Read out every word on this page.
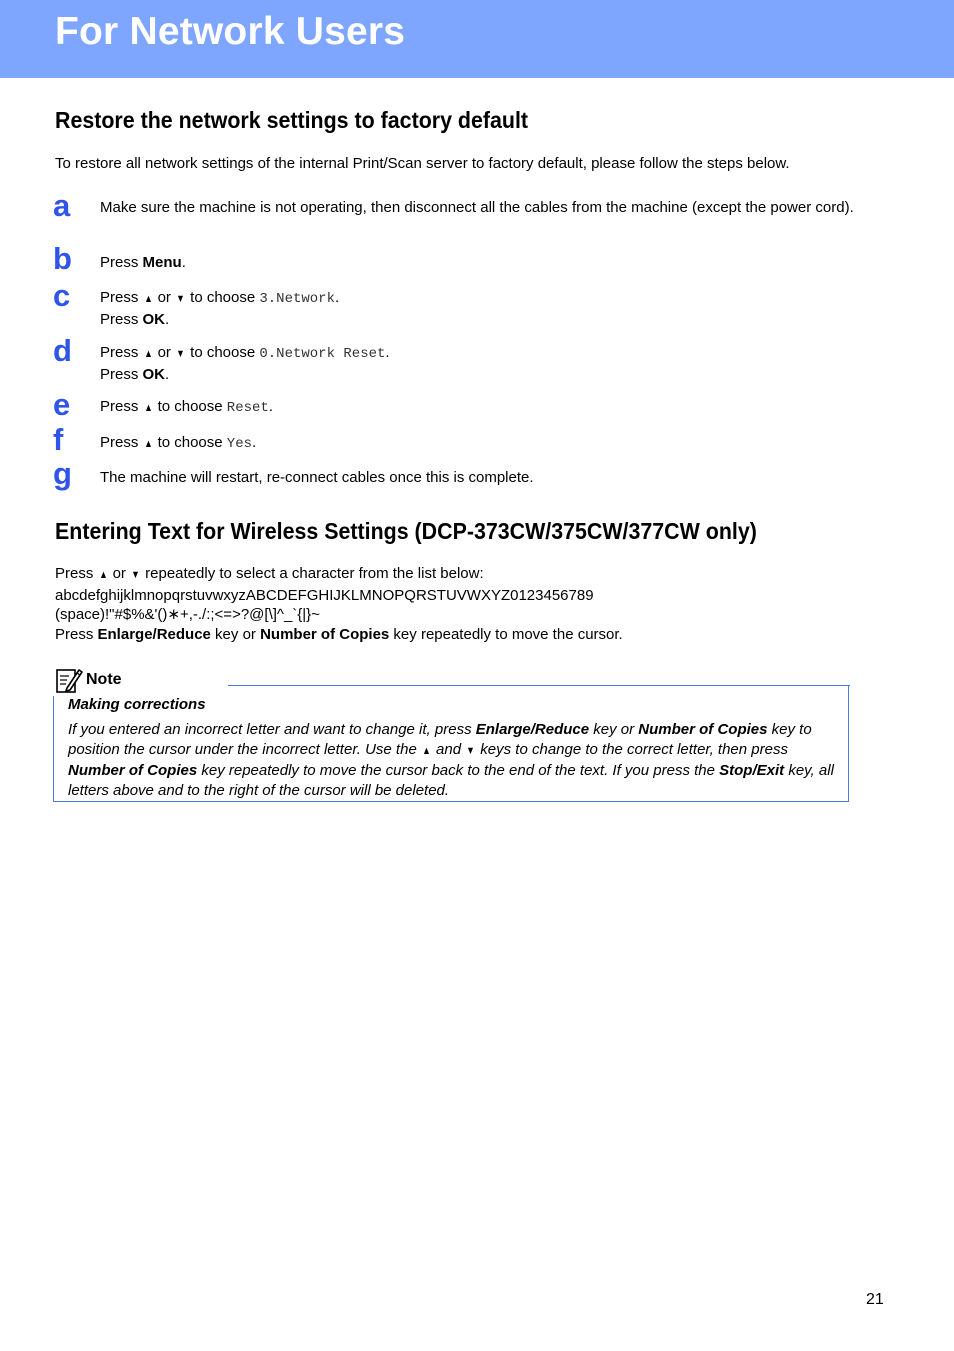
For Network Users
Restore the network settings to factory default
To restore all network settings of the internal Print/Scan server to factory default, please follow the steps below.
a Make sure the machine is not operating, then disconnect all the cables from the machine (except the power cord).
b Press Menu.
c Press ▲ or ▼ to choose 3.Network.
Press OK.
d Press ▲ or ▼ to choose 0.Network Reset.
Press OK.
e Press ▲ to choose Reset.
f Press ▲ to choose Yes.
g The machine will restart, re-connect cables once this is complete.
Entering Text for Wireless Settings (DCP-373CW/375CW/377CW only)
Press ▲ or ▼ repeatedly to select a character from the list below:
abcdefghijklmnopqrstuvwxyzABCDEFGHIJKLMNOPQRSTUVWXYZ0123456789
(space)!"#$%&'()∗+,-./:;<=>?@[\]^_`{|}~
Press Enlarge/Reduce key or Number of Copies key repeatedly to move the cursor.
Note
Making corrections
If you entered an incorrect letter and want to change it, press Enlarge/Reduce key or Number of Copies key to position the cursor under the incorrect letter. Use the ▲ and ▼ keys to change to the correct letter, then press Number of Copies key repeatedly to move the cursor back to the end of the text. If you press the Stop/Exit key, all letters above and to the right of the cursor will be deleted.
21
